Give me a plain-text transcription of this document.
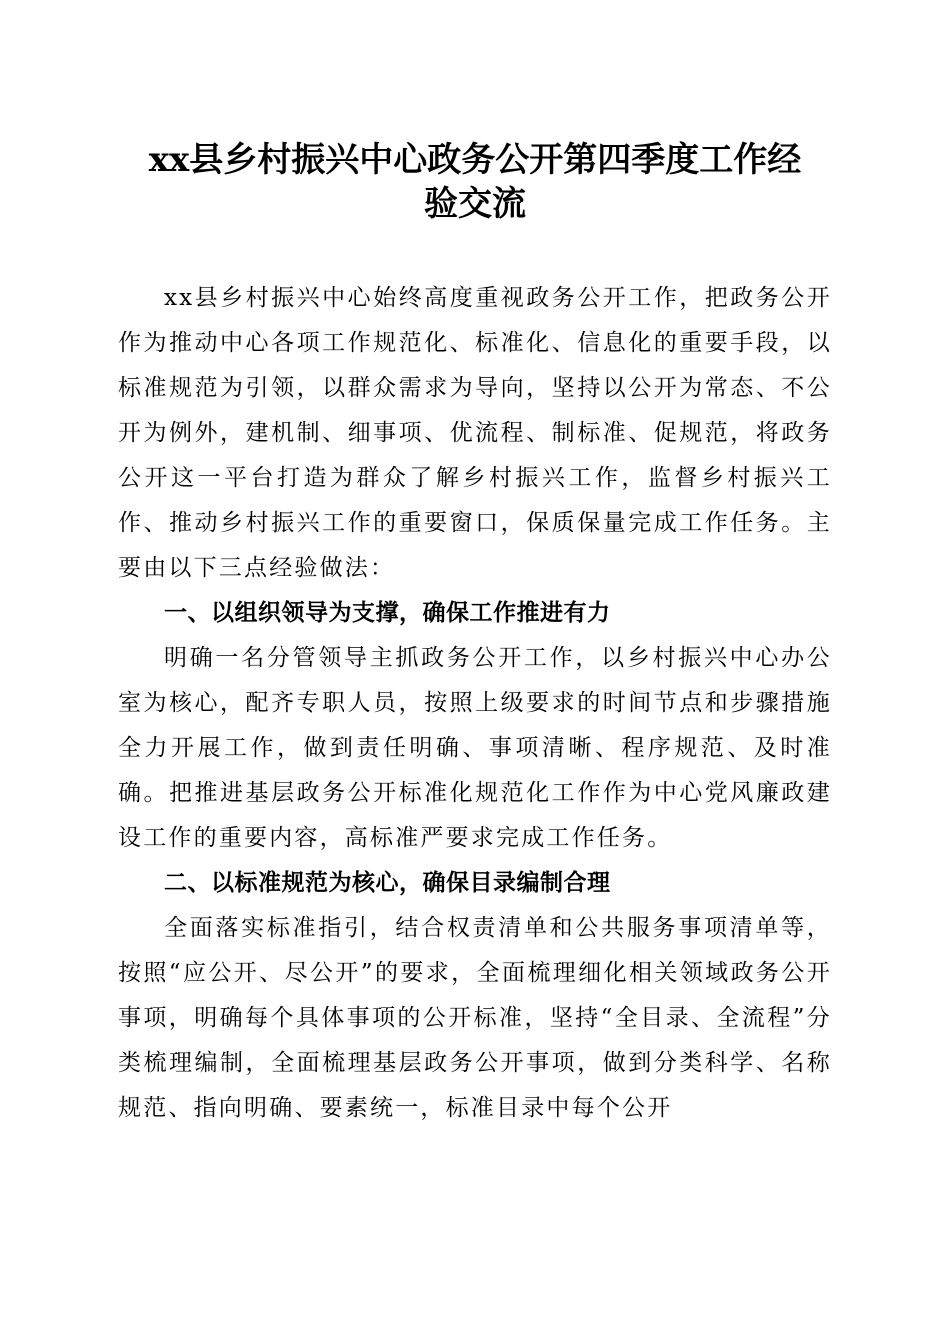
xx县乡村振兴中心政务公开第四季度工作经
验交流

xx县乡村振兴中心始终高度重视政务公开工作，把政务公开作为推动中心各项工作规范化、标准化、信息化的重要手段，以标准规范为引领，以群众需求为导向，坚持以公开为常态、不公开为例外，建机制、细事项、优流程、制标准、促规范，将政务公开这一平台打造为群众了解乡村振兴工作，监督乡村振兴工作、推动乡村振兴工作的重要窗口，保质保量完成工作任务。主要由以下三点经验做法：

一、以组织领导为支撑，确保工作推进有力

明确一名分管领导主抓政务公开工作，以乡村振兴中心办公室为核心，配齐专职人员，按照上级要求的时间节点和步骤措施全力开展工作，做到责任明确、事项清晰、程序规范、及时准确。把推进基层政务公开标准化规范化工作作为中心党风廉政建设工作的重要内容，高标准严要求完成工作任务。

二、以标准规范为核心，确保目录编制合理

全面落实标准指引，结合权责清单和公共服务事项清单等，按照“应公开、尽公开”的要求，全面梳理细化相关领域政务公开事项，明确每个具体事项的公开标准，坚持“全目录、全流程”分类梳理编制，全面梳理基层政务公开事项，做到分类科学、名称规范、指向明确、要素统一，标准目录中每个公开
